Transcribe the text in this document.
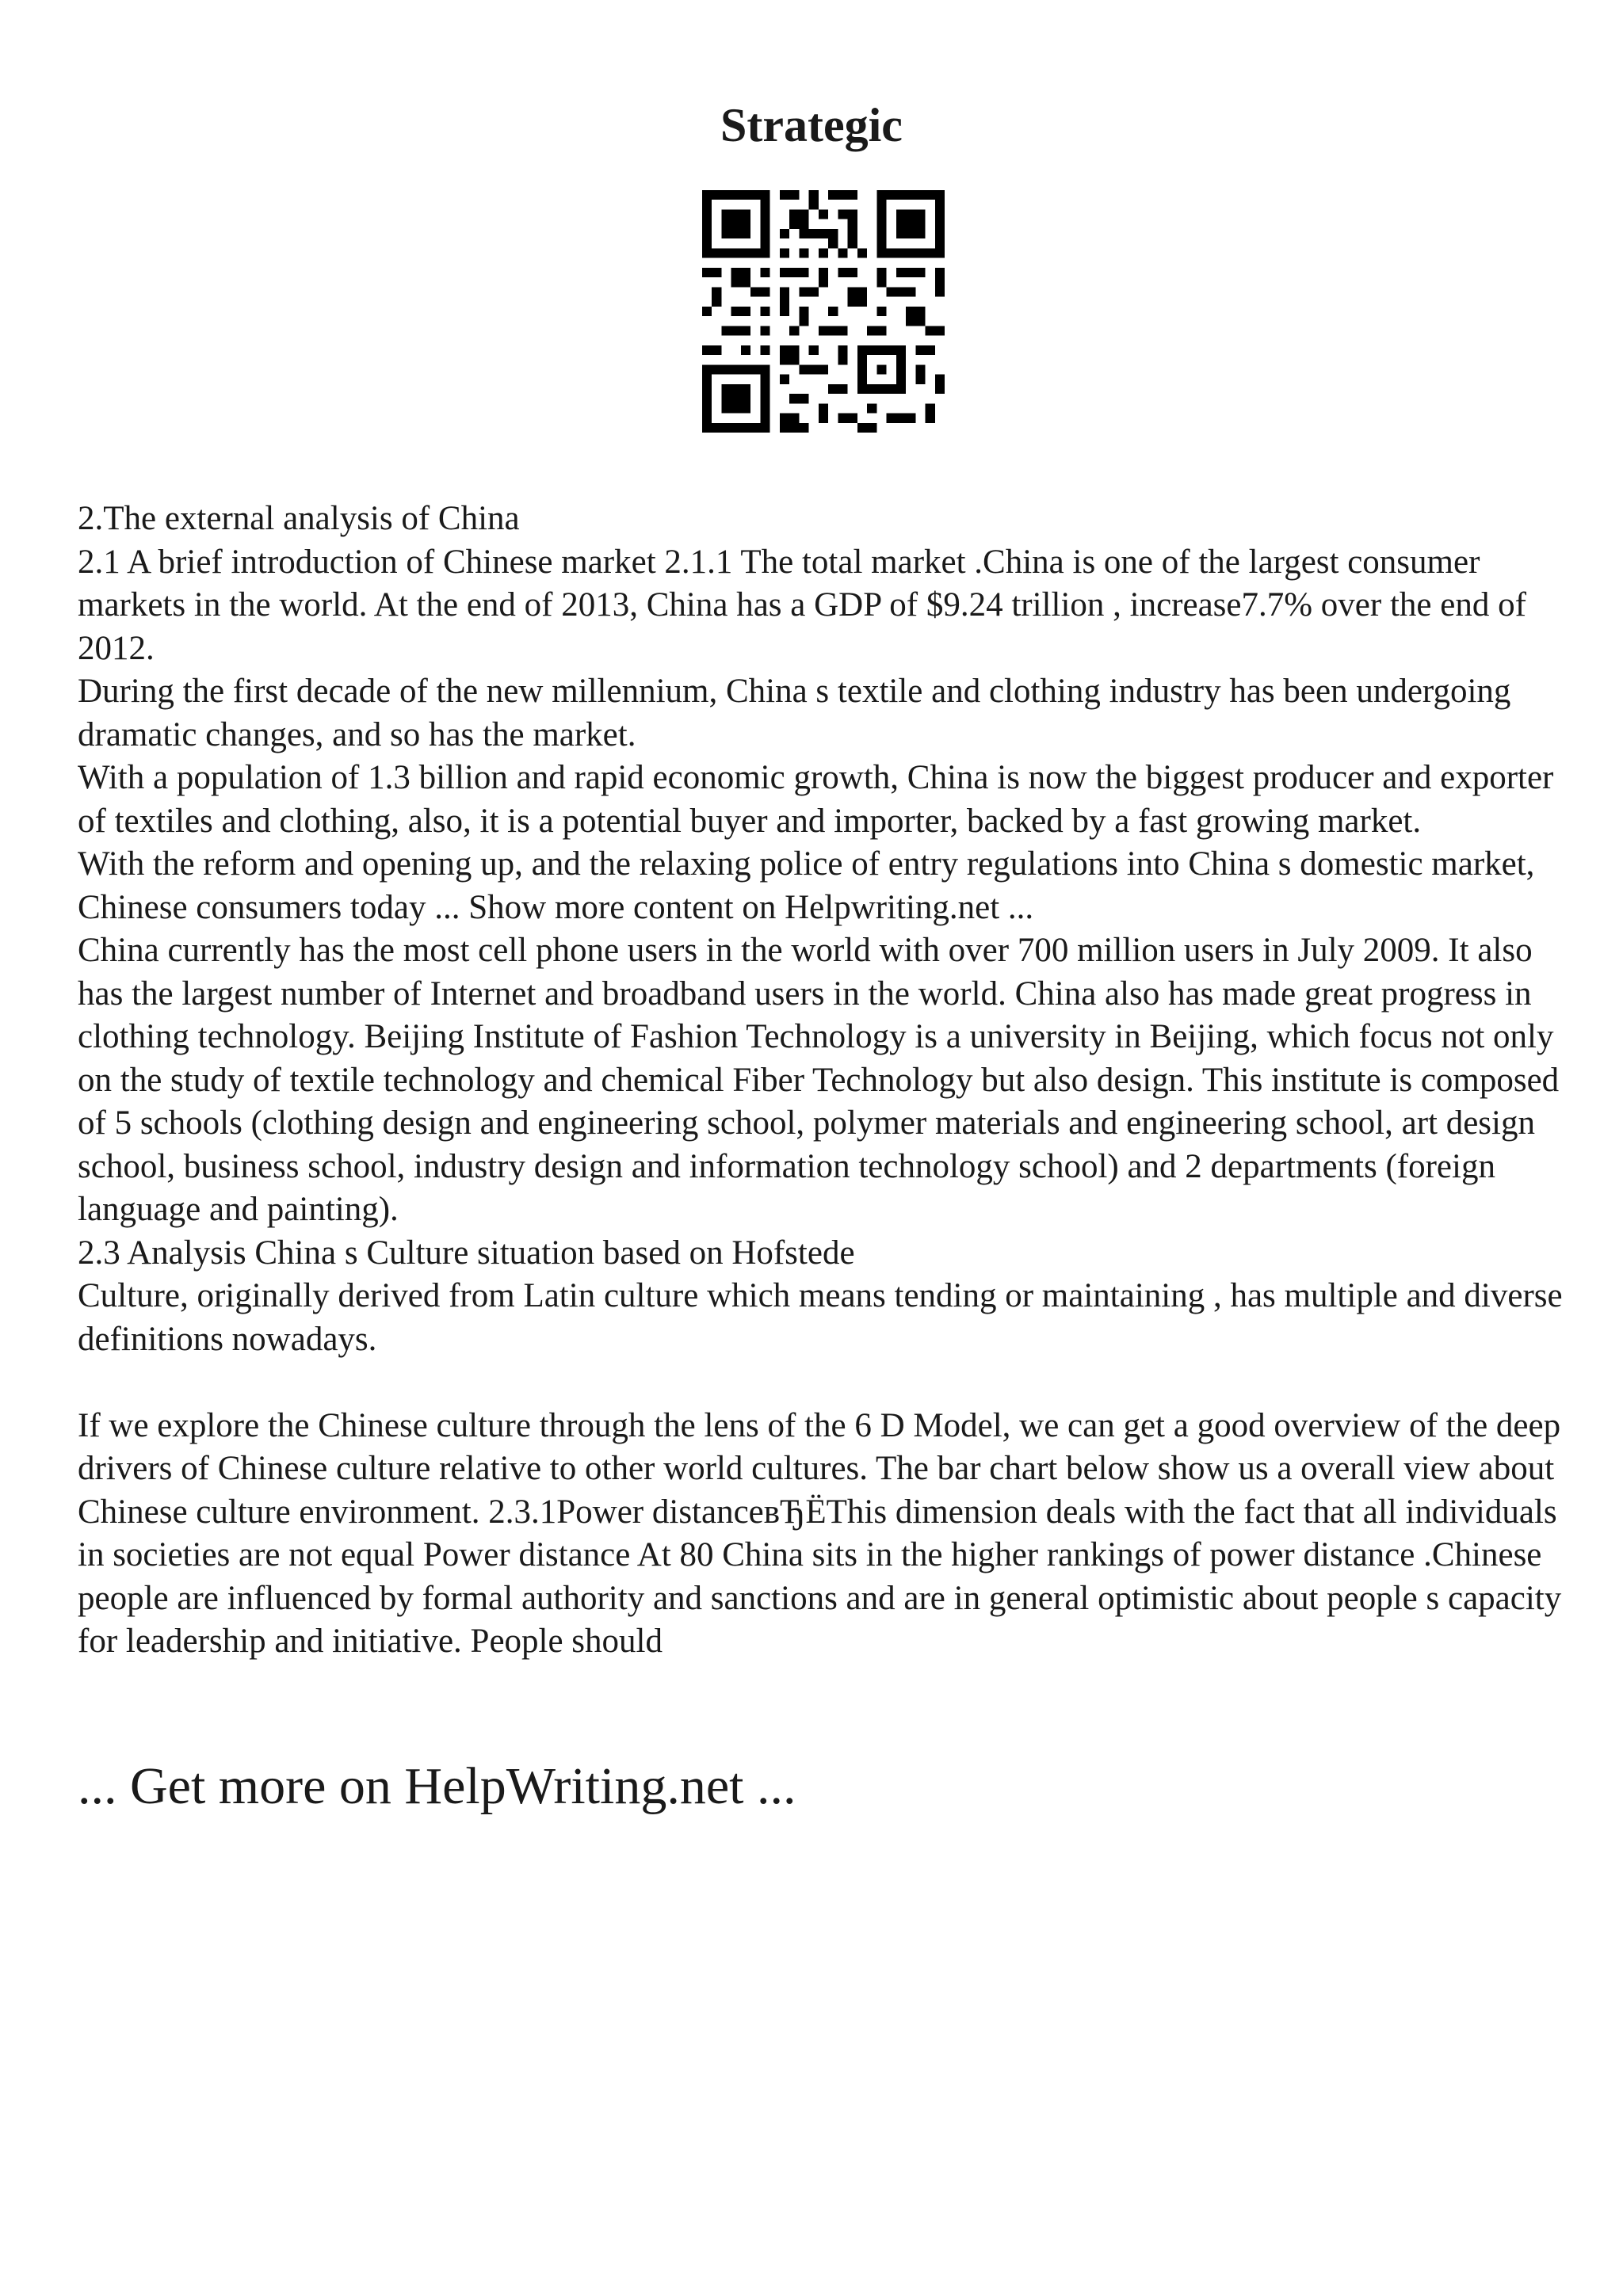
Strategic

2.The external analysis of China

2.1 A brief introduction of Chinese market 2.1.1 The total market .China is one of the largest consumer markets in the world. At the end of 2013, China has a GDP of $9.24 trillion , increase7.7% over the end of 2012.

During the first decade of the new millennium, China s textile and clothing industry has been undergoing dramatic changes, and so has the market.

With a population of 1.3 billion and rapid economic growth, China is now the biggest producer and exporter of textiles and clothing, also, it is a potential buyer and importer, backed by a fast growing market.

With the reform and opening up, and the relaxing police of entry regulations into China s domestic market, Chinese consumers today ... Show more content on Helpwriting.net ...

China currently has the most cell phone users in the world with over 700 million users in July 2009. It also has the largest number of Internet and broadband users in the world. China also has made great progress in clothing technology. Beijing Institute of Fashion Technology is a university in Beijing, which focus not only on the study of textile technology and chemical Fiber Technology but also design. This institute is composed of 5 schools (clothing design and engineering school, polymer materials and engineering school, art design school, business school, industry design and information technology school) and 2 departments (foreign language and painting).

2.3 Analysis China s Culture situation based on Hofstede

Culture, originally derived from Latin culture which means tending or maintaining , has multiple and diverse definitions nowadays.

If we explore the Chinese culture through the lens of the 6 D Model, we can get a good overview of the deep drivers of Chinese culture relative to other world cultures. The bar chart below show us a overall view about Chinese culture environment. 2.3.1Power distanceвЂЁThis dimension deals with the fact that all individuals in societies are not equal Power distance At 80 China sits in the higher rankings of power distance .Chinese people are influenced by formal authority and sanctions and are in general optimistic about people s capacity for leadership and initiative. People should

... Get more on HelpWriting.net ...
